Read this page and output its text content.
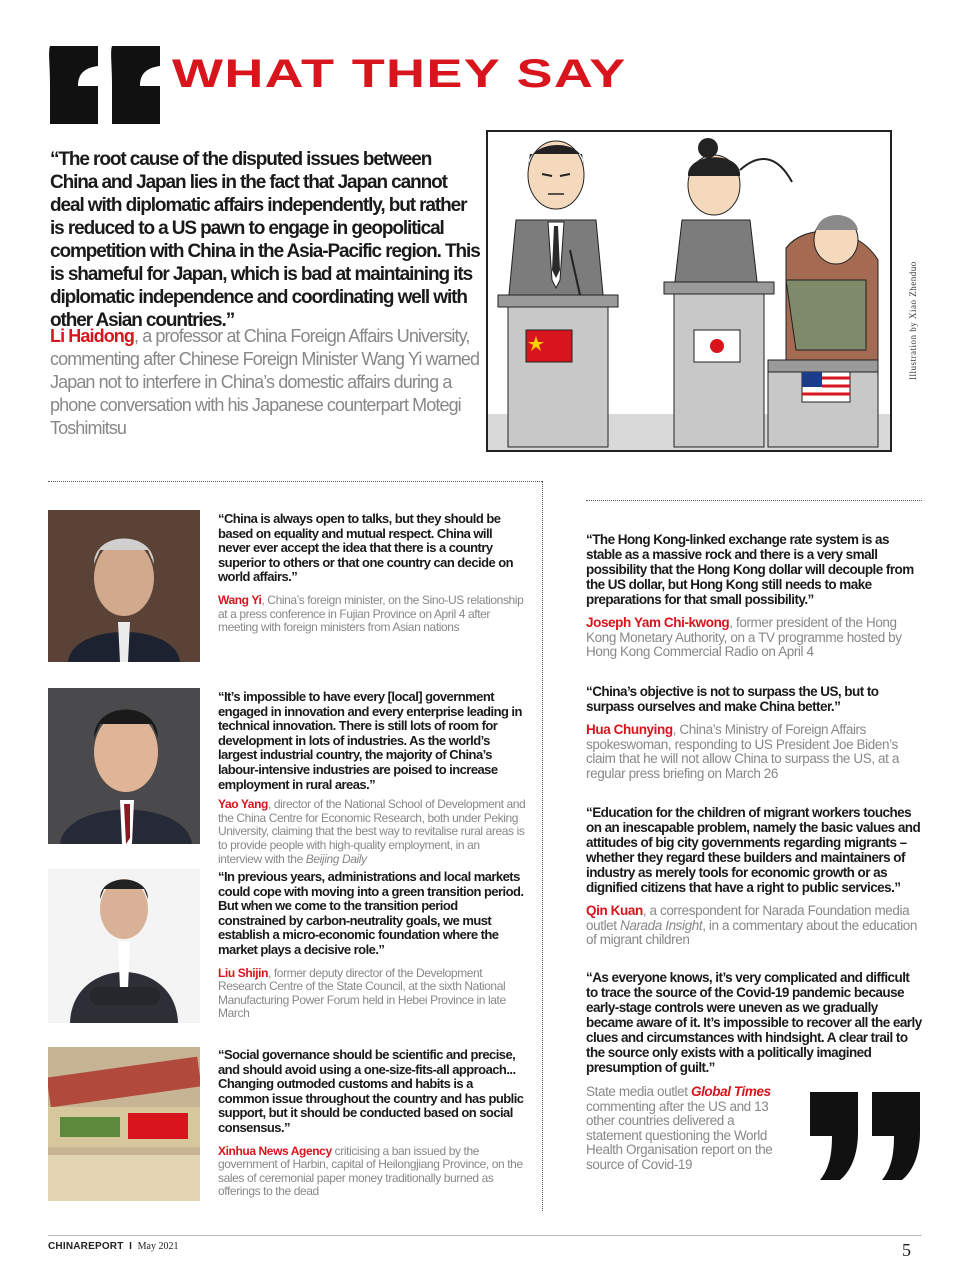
WHAT THEY SAY
“The root cause of the disputed issues between China and Japan lies in the fact that Japan cannot deal with diplomatic affairs independently, but rather is reduced to a US pawn to engage in geopolitical competition with China in the Asia-Pacific region. This is shameful for Japan, which is bad at maintaining its diplomatic independence and coordinating well with other Asian countries.”
Li Haidong, a professor at China Foreign Affairs University, commenting after Chinese Foreign Minister Wang Yi warned Japan not to interfere in China’s domestic affairs during a phone conversation with his Japanese counterpart Motegi Toshimitsu
Illustration by Xiao Zhenduo
“China is always open to talks, but they should be based on equality and mutual respect. China will never ever accept the idea that there is a country superior to others or that one country can decide on world affairs.”
Wang Yi, China’s foreign minister, on the Sino-US relationship at a press conference in Fujian Province on April 4 after meeting with foreign ministers from Asian nations
“It’s impossible to have every [local] government engaged in innovation and every enterprise leading in technical innovation. There is still lots of room for development in lots of industries. As the world’s largest industrial country, the majority of China’s labour-intensive industries are poised to increase employment in rural areas.”
Yao Yang, director of the National School of Development and the China Centre for Economic Research, both under Peking University, claiming that the best way to revitalise rural areas is to provide people with high-quality employment, in an interview with the Beijing Daily
“In previous years, administrations and local markets could cope with moving into a green transition period. But when we come to the transition period constrained by carbon-neutrality goals, we must establish a micro-economic foundation where the market plays a decisive role.”
Liu Shijin, former deputy director of the Development Research Centre of the State Council, at the sixth National Manufacturing Power Forum held in Hebei Province in late March
“Social governance should be scientific and precise, and should avoid using a one-size-fits-all approach... Changing outmoded customs and habits is a common issue throughout the country and has public support, but it should be conducted based on social consensus.”
Xinhua News Agency criticising a ban issued by the government of Harbin, capital of Heilongjiang Province, on the sales of ceremonial paper money traditionally burned as offerings to the dead
“The Hong Kong-linked exchange rate system is as stable as a massive rock and there is a very small possibility that the Hong Kong dollar will decouple from the US dollar, but Hong Kong still needs to make preparations for that small possibility.”
Joseph Yam Chi-kwong, former president of the Hong Kong Monetary Authority, on a TV programme hosted by Hong Kong Commercial Radio on April 4
“China’s objective is not to surpass the US, but to surpass ourselves and make China better.”
Hua Chunying, China’s Ministry of Foreign Affairs spokeswoman, responding to US President Joe Biden’s claim that he will not allow China to surpass the US, at a regular press briefing on March 26
“Education for the children of migrant workers touches on an inescapable problem, namely the basic values and attitudes of big city governments regarding migrants – whether they regard these builders and maintainers of industry as merely tools for economic growth or as dignified citizens that have a right to public services.”
Qin Kuan, a correspondent for Narada Foundation media outlet Narada Insight, in a commentary about the education of migrant children
“As everyone knows, it’s very complicated and difficult to trace the source of the Covid-19 pandemic because early-stage controls were uneven as we gradually became aware of it. It’s impossible to recover all the early clues and circumstances with hindsight. A clear trail to the source only exists with a politically imagined presumption of guilt.”
State media outlet Global Times commenting after the US and 13 other countries delivered a statement questioning the World Health Organisation report on the source of Covid-19
CHINAREPORT I May 2021	5
